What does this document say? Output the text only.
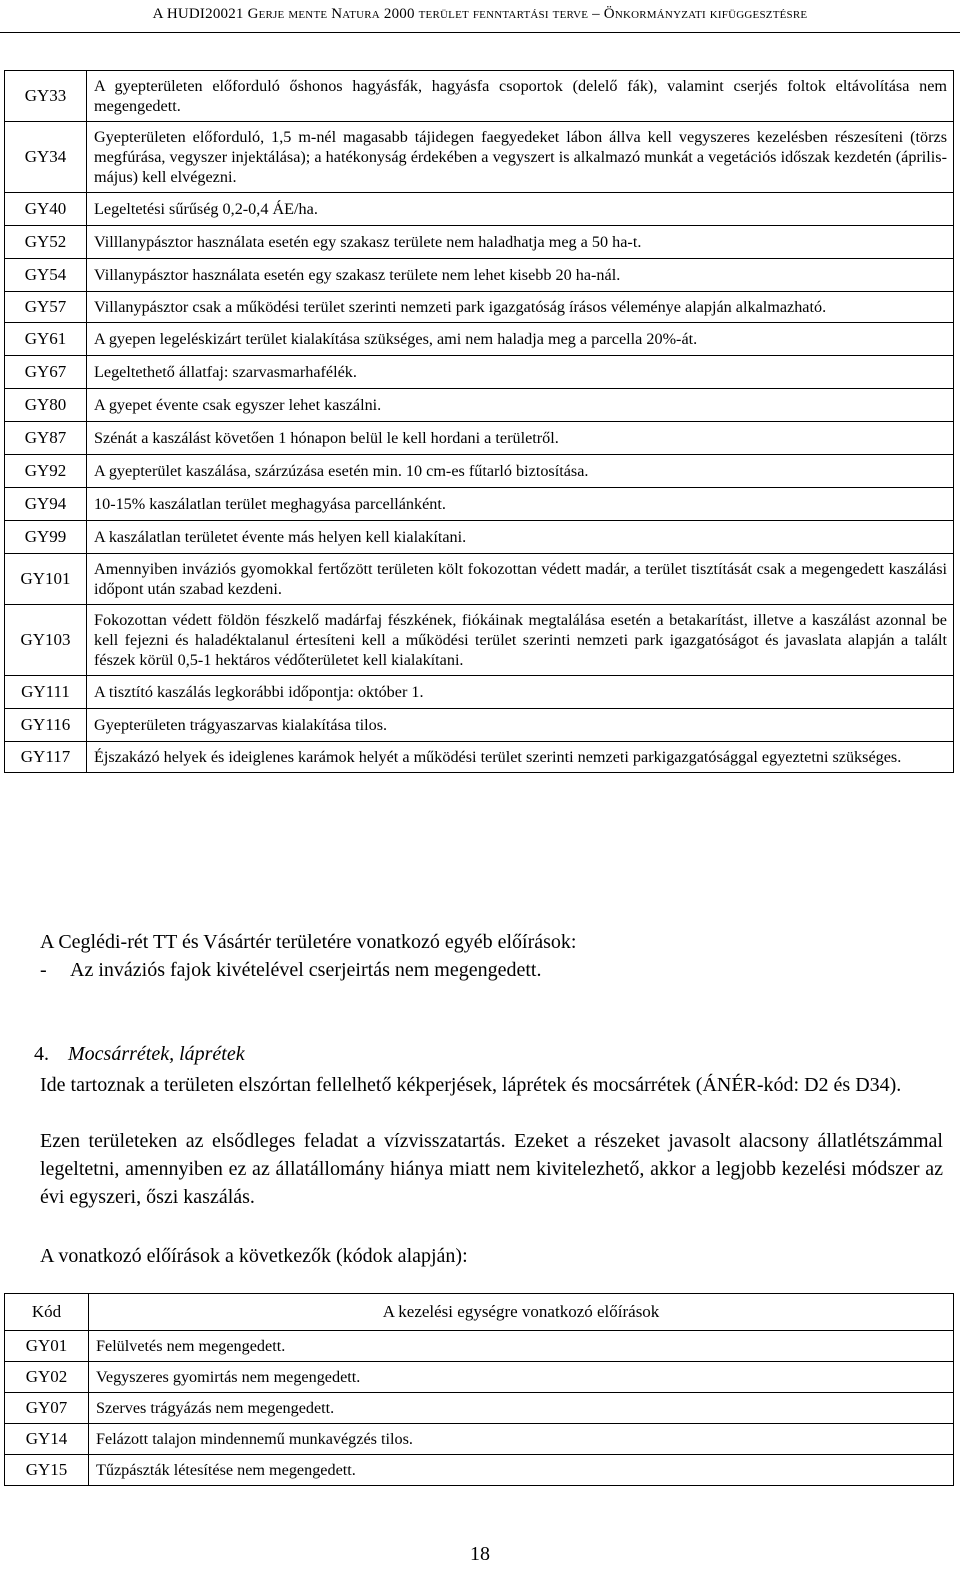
A HUDI20021 Gerje mente Natura 2000 terület fenntartási terve – Önkormányzati kifüggesztésre
GY33	A gyepterületen előforduló őshonos hagyásfák, hagyásfa csoportok (delelő fák), valamint cserjés foltok eltávolítása nem megengedett.
GY34	Gyepterületen előforduló, 1,5 m-nél magasabb tájidegen faegyedeket lábon állva kell vegyszeres kezelésben részesíteni (törzs megfúrása, vegyszer injektálása); a hatékonyság érdekében a vegyszert is alkalmazó munkát a vegetációs időszak kezdetén (április-május) kell elvégezni.
GY40	Legeltetési sűrűség 0,2-0,4 ÁE/ha.
GY52	Villlanypásztor használata esetén egy szakasz területe nem haladhatja meg a 50 ha-t.
GY54	Villanypásztor használata esetén egy szakasz területe nem lehet kisebb 20 ha-nál.
GY57	Villanypásztor csak a működési terület szerinti nemzeti park igazgatóság írásos véleménye alapján alkalmazható.
GY61	A gyepen legeléskizárt terület kialakítása szükséges, ami nem haladja meg a parcella 20%-át.
GY67	Legeltethető állatfaj: szarvasmarhafélék.
GY80	A gyepet évente csak egyszer lehet kaszálni.
GY87	Szénát a kaszálást követően 1 hónapon belül le kell hordani a területről.
GY92	A gyepterület kaszálása, szárzúzása esetén min. 10 cm-es fűtarló biztosítása.
GY94	10-15% kaszálatlan terület meghagyása parcellánként.
GY99	A kaszálatlan területet évente más helyen kell kialakítani.
GY101	Amennyiben inváziós gyomokkal fertőzött területen költ fokozottan védett madár, a terület tisztítását csak a megengedett kaszálási időpont után szabad kezdeni.
GY103	Fokozottan védett földön fészkelő madárfaj fészkének, fiókáinak megtalálása esetén a betakarítást, illetve a kaszálást azonnal be kell fejezni és haladéktalanul értesíteni kell a működési terület szerinti nemzeti park igazgatóságot és javaslata alapján a talált fészek körül 0,5-1 hektáros védőterületet kell kialakítani.
GY111	A tisztító kaszálás legkorábbi időpontja: október 1.
GY116	Gyepterületen trágyaszarvas kialakítása tilos.
GY117	Éjszakázó helyek és ideiglenes karámok helyét a működési terület szerinti nemzeti parkigazgatósággal egyeztetni szükséges.
A Ceglédi-rét TT és Vásártér területére vonatkozó egyéb előírások:
- Az inváziós fajok kivételével cserjeirtás nem megengedett.
4. Mocsárrétek, láprétek
Ide tartoznak a területen elszórtan fellelhető kékperjések, láprétek és mocsárrétek (ÁNÉR-kód: D2 és D34).
Ezen területeken az elsődleges feladat a vízvisszatartás. Ezeket a részeket javasolt alacsony állatlétszámmal legeltetni, amennyiben ez az állatállomány hiánya miatt nem kivitelezhető, akkor a legjobb kezelési módszer az évi egyszeri, őszi kaszálás.
A vonatkozó előírások a következők (kódok alapján):
Kód	A kezelési egységre vonatkozó előírások
GY01	Felülvetés nem megengedett.
GY02	Vegyszeres gyomirtás nem megengedett.
GY07	Szerves trágyázás nem megengedett.
GY14	Felázott talajon mindennemű munkavégzés tilos.
GY15	Tűzpászták létesítése nem megengedett.
18
